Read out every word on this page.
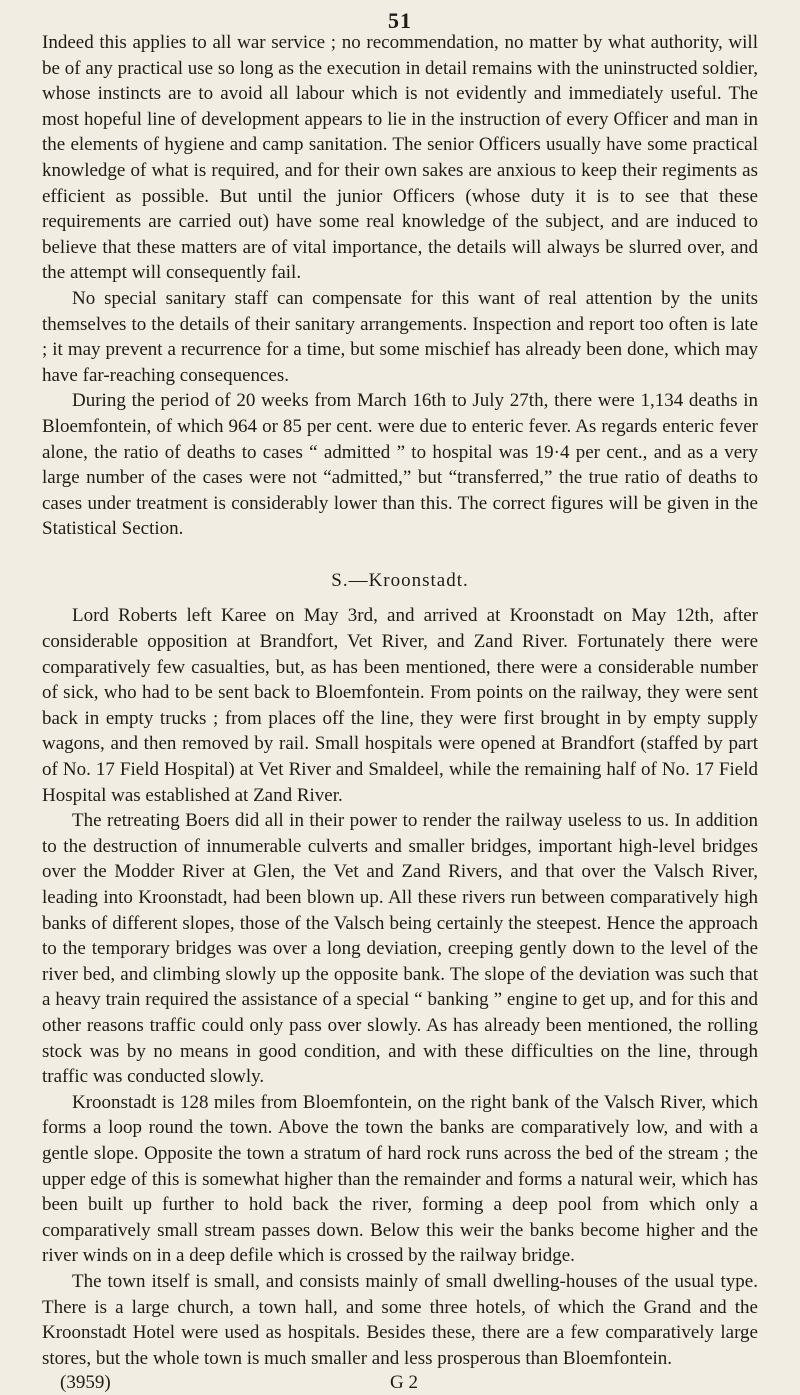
51

Indeed this applies to all war service ; no recommendation, no matter by what authority, will be of any practical use so long as the execution in detail remains with the uninstructed soldier, whose instincts are to avoid all labour which is not evidently and immediately useful. The most hopeful line of development appears to lie in the instruction of every Officer and man in the elements of hygiene and camp sanitation. The senior Officers usually have some practical knowledge of what is required, and for their own sakes are anxious to keep their regiments as efficient as possible. But until the junior Officers (whose duty it is to see that these requirements are carried out) have some real knowledge of the subject, and are induced to believe that these matters are of vital importance, the details will always be slurred over, and the attempt will consequently fail.

No special sanitary staff can compensate for this want of real attention by the units themselves to the details of their sanitary arrangements. Inspection and report too often is late ; it may prevent a recurrence for a time, but some mischief has already been done, which may have far-reaching consequences.

During the period of 20 weeks from March 16th to July 27th, there were 1,134 deaths in Bloemfontein, of which 964 or 85 per cent. were due to enteric fever. As regards enteric fever alone, the ratio of deaths to cases “ admitted ” to hospital was 19·4 per cent., and as a very large number of the cases were not “admitted,” but “transferred,” the true ratio of deaths to cases under treatment is considerably lower than this. The correct figures will be given in the Statistical Section.

S.—Kroonstadt.

Lord Roberts left Karee on May 3rd, and arrived at Kroonstadt on May 12th, after considerable opposition at Brandfort, Vet River, and Zand River. Fortunately there were comparatively few casualties, but, as has been mentioned, there were a considerable number of sick, who had to be sent back to Bloemfontein. From points on the railway, they were sent back in empty trucks ; from places off the line, they were first brought in by empty supply wagons, and then removed by rail. Small hospitals were opened at Brandfort (staffed by part of No. 17 Field Hospital) at Vet River and Smaldeel, while the remaining half of No. 17 Field Hospital was established at Zand River.

The retreating Boers did all in their power to render the railway useless to us. In addition to the destruction of innumerable culverts and smaller bridges, important high-level bridges over the Modder River at Glen, the Vet and Zand Rivers, and that over the Valsch River, leading into Kroonstadt, had been blown up. All these rivers run between comparatively high banks of different slopes, those of the Valsch being certainly the steepest. Hence the approach to the temporary bridges was over a long deviation, creeping gently down to the level of the river bed, and climbing slowly up the opposite bank. The slope of the deviation was such that a heavy train required the assistance of a special “ banking ” engine to get up, and for this and other reasons traffic could only pass over slowly. As has already been mentioned, the rolling stock was by no means in good condition, and with these difficulties on the line, through traffic was conducted slowly.

Kroonstadt is 128 miles from Bloemfontein, on the right bank of the Valsch River, which forms a loop round the town. Above the town the banks are comparatively low, and with a gentle slope. Opposite the town a stratum of hard rock runs across the bed of the stream ; the upper edge of this is somewhat higher than the remainder and forms a natural weir, which has been built up further to hold back the river, forming a deep pool from which only a comparatively small stream passes down. Below this weir the banks become higher and the river winds on in a deep defile which is crossed by the railway bridge.

The town itself is small, and consists mainly of small dwelling-houses of the usual type. There is a large church, a town hall, and some three hotels, of which the Grand and the Kroonstadt Hotel were used as hospitals. Besides these, there are a few comparatively large stores, but the whole town is much smaller and less prosperous than Bloemfontein.

(3959)	G 2
